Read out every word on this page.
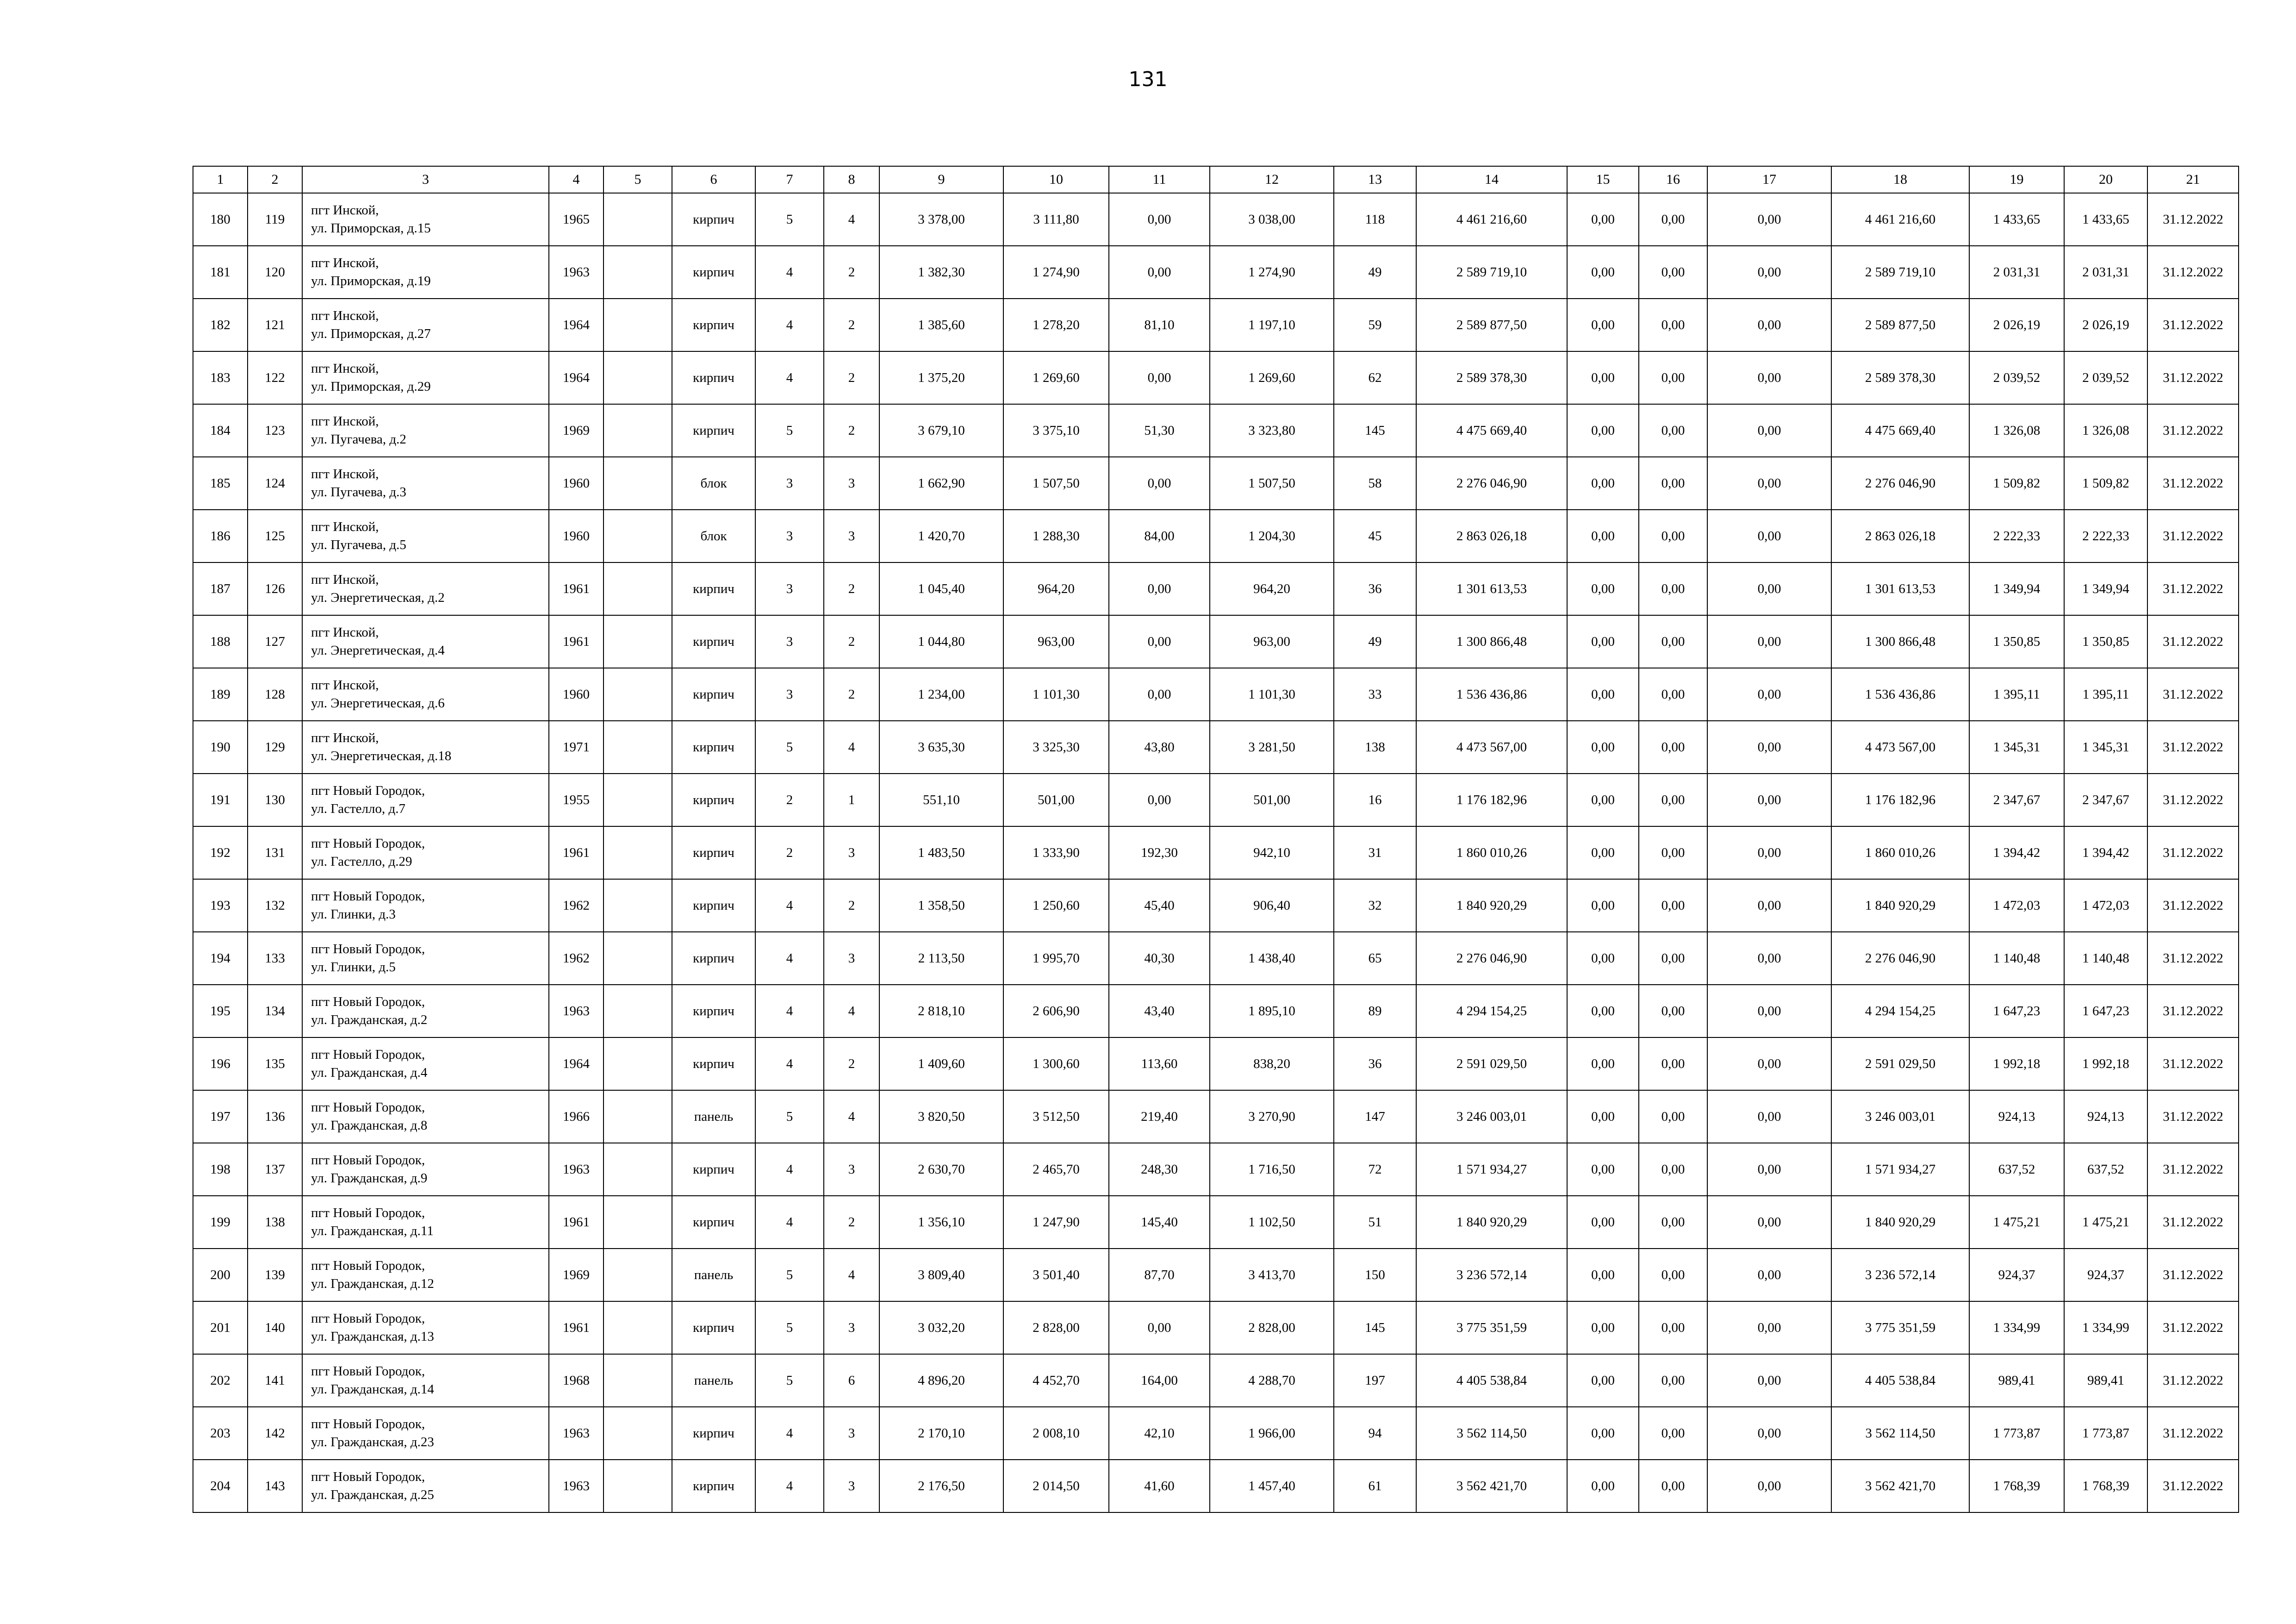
131
1	2	3	4	5	6	7	8	9	10	11	12	13	14	15	16	17	18	19	20	21
180	119	пгт Инской,
ул. Приморская, д.15	1965		кирпич	5	4	3 378,00	3 111,80	0,00	3 038,00	118	4 461 216,60	0,00	0,00	0,00	4 461 216,60	1 433,65	1 433,65	31.12.2022
181	120	пгт Инской,
ул. Приморская, д.19	1963		кирпич	4	2	1 382,30	1 274,90	0,00	1 274,90	49	2 589 719,10	0,00	0,00	0,00	2 589 719,10	2 031,31	2 031,31	31.12.2022
182	121	пгт Инской,
ул. Приморская, д.27	1964		кирпич	4	2	1 385,60	1 278,20	81,10	1 197,10	59	2 589 877,50	0,00	0,00	0,00	2 589 877,50	2 026,19	2 026,19	31.12.2022
183	122	пгт Инской,
ул. Приморская, д.29	1964		кирпич	4	2	1 375,20	1 269,60	0,00	1 269,60	62	2 589 378,30	0,00	0,00	0,00	2 589 378,30	2 039,52	2 039,52	31.12.2022
184	123	пгт Инской,
ул. Пугачева, д.2	1969		кирпич	5	2	3 679,10	3 375,10	51,30	3 323,80	145	4 475 669,40	0,00	0,00	0,00	4 475 669,40	1 326,08	1 326,08	31.12.2022
185	124	пгт Инской,
ул. Пугачева, д.3	1960		блок	3	3	1 662,90	1 507,50	0,00	1 507,50	58	2 276 046,90	0,00	0,00	0,00	2 276 046,90	1 509,82	1 509,82	31.12.2022
186	125	пгт Инской,
ул. Пугачева, д.5	1960		блок	3	3	1 420,70	1 288,30	84,00	1 204,30	45	2 863 026,18	0,00	0,00	0,00	2 863 026,18	2 222,33	2 222,33	31.12.2022
187	126	пгт Инской,
ул. Энергетическая, д.2	1961		кирпич	3	2	1 045,40	964,20	0,00	964,20	36	1 301 613,53	0,00	0,00	0,00	1 301 613,53	1 349,94	1 349,94	31.12.2022
188	127	пгт Инской,
ул. Энергетическая, д.4	1961		кирпич	3	2	1 044,80	963,00	0,00	963,00	49	1 300 866,48	0,00	0,00	0,00	1 300 866,48	1 350,85	1 350,85	31.12.2022
189	128	пгт Инской,
ул. Энергетическая, д.6	1960		кирпич	3	2	1 234,00	1 101,30	0,00	1 101,30	33	1 536 436,86	0,00	0,00	0,00	1 536 436,86	1 395,11	1 395,11	31.12.2022
190	129	пгт Инской,
ул. Энергетическая, д.18	1971		кирпич	5	4	3 635,30	3 325,30	43,80	3 281,50	138	4 473 567,00	0,00	0,00	0,00	4 473 567,00	1 345,31	1 345,31	31.12.2022
191	130	пгт Новый Городок,
ул. Гастелло, д.7	1955		кирпич	2	1	551,10	501,00	0,00	501,00	16	1 176 182,96	0,00	0,00	0,00	1 176 182,96	2 347,67	2 347,67	31.12.2022
192	131	пгт Новый Городок,
ул. Гастелло, д.29	1961		кирпич	2	3	1 483,50	1 333,90	192,30	942,10	31	1 860 010,26	0,00	0,00	0,00	1 860 010,26	1 394,42	1 394,42	31.12.2022
193	132	пгт Новый Городок,
ул. Глинки, д.3	1962		кирпич	4	2	1 358,50	1 250,60	45,40	906,40	32	1 840 920,29	0,00	0,00	0,00	1 840 920,29	1 472,03	1 472,03	31.12.2022
194	133	пгт Новый Городок,
ул. Глинки, д.5	1962		кирпич	4	3	2 113,50	1 995,70	40,30	1 438,40	65	2 276 046,90	0,00	0,00	0,00	2 276 046,90	1 140,48	1 140,48	31.12.2022
195	134	пгт Новый Городок,
ул. Гражданская, д.2	1963		кирпич	4	4	2 818,10	2 606,90	43,40	1 895,10	89	4 294 154,25	0,00	0,00	0,00	4 294 154,25	1 647,23	1 647,23	31.12.2022
196	135	пгт Новый Городок,
ул. Гражданская, д.4	1964		кирпич	4	2	1 409,60	1 300,60	113,60	838,20	36	2 591 029,50	0,00	0,00	0,00	2 591 029,50	1 992,18	1 992,18	31.12.2022
197	136	пгт Новый Городок,
ул. Гражданская, д.8	1966		панель	5	4	3 820,50	3 512,50	219,40	3 270,90	147	3 246 003,01	0,00	0,00	0,00	3 246 003,01	924,13	924,13	31.12.2022
198	137	пгт Новый Городок,
ул. Гражданская, д.9	1963		кирпич	4	3	2 630,70	2 465,70	248,30	1 716,50	72	1 571 934,27	0,00	0,00	0,00	1 571 934,27	637,52	637,52	31.12.2022
199	138	пгт Новый Городок,
ул. Гражданская, д.11	1961		кирпич	4	2	1 356,10	1 247,90	145,40	1 102,50	51	1 840 920,29	0,00	0,00	0,00	1 840 920,29	1 475,21	1 475,21	31.12.2022
200	139	пгт Новый Городок,
ул. Гражданская, д.12	1969		панель	5	4	3 809,40	3 501,40	87,70	3 413,70	150	3 236 572,14	0,00	0,00	0,00	3 236 572,14	924,37	924,37	31.12.2022
201	140	пгт Новый Городок,
ул. Гражданская, д.13	1961		кирпич	5	3	3 032,20	2 828,00	0,00	2 828,00	145	3 775 351,59	0,00	0,00	0,00	3 775 351,59	1 334,99	1 334,99	31.12.2022
202	141	пгт Новый Городок,
ул. Гражданская, д.14	1968		панель	5	6	4 896,20	4 452,70	164,00	4 288,70	197	4 405 538,84	0,00	0,00	0,00	4 405 538,84	989,41	989,41	31.12.2022
203	142	пгт Новый Городок,
ул. Гражданская, д.23	1963		кирпич	4	3	2 170,10	2 008,10	42,10	1 966,00	94	3 562 114,50	0,00	0,00	0,00	3 562 114,50	1 773,87	1 773,87	31.12.2022
204	143	пгт Новый Городок,
ул. Гражданская, д.25	1963		кирпич	4	3	2 176,50	2 014,50	41,60	1 457,40	61	3 562 421,70	0,00	0,00	0,00	3 562 421,70	1 768,39	1 768,39	31.12.2022
